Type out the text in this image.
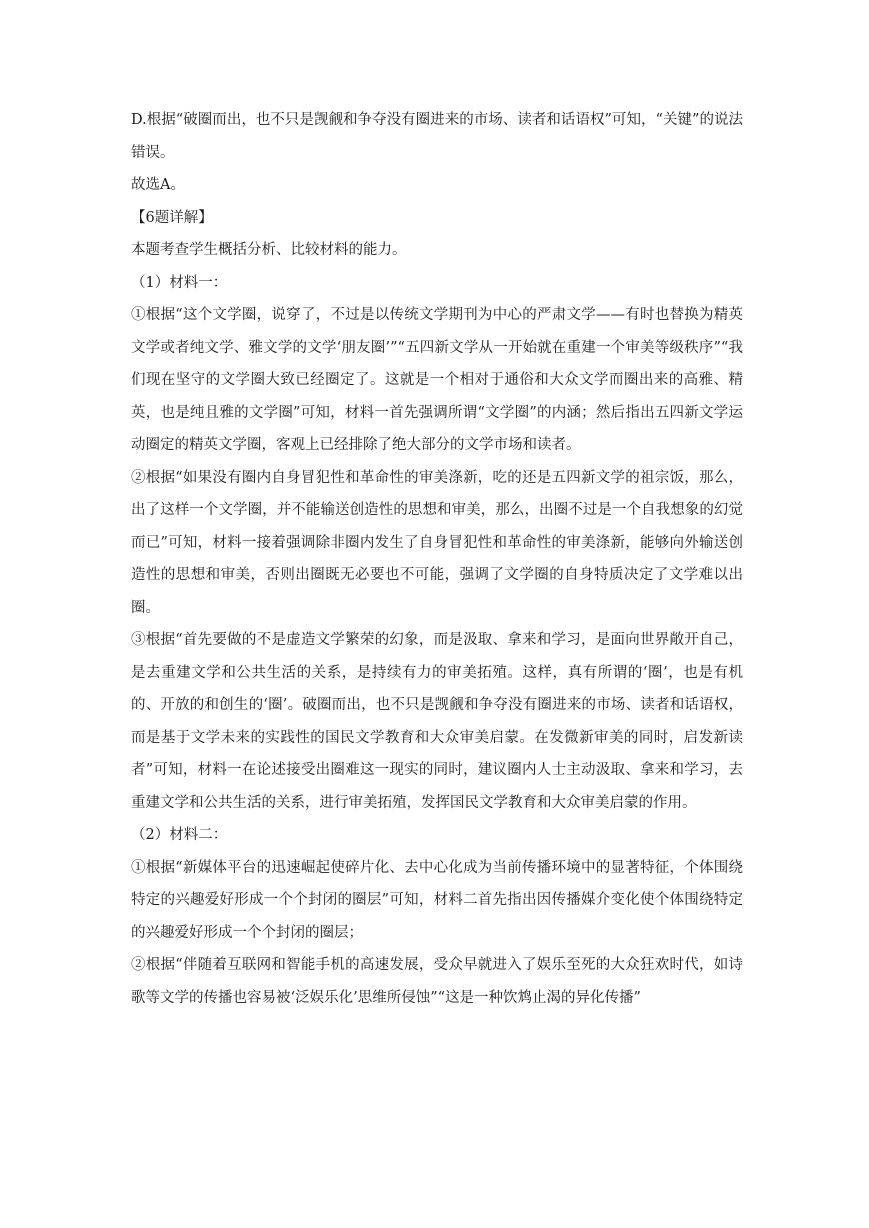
D.根据“破圈而出，也不只是觊觎和争夺没有圈进来的市场、读者和话语权”可知，“关键”的说法错误。

故选A。

【6题详解】

本题考查学生概括分析、比较材料的能力。

（1）材料一：

①根据“这个文学圈，说穿了，不过是以传统文学期刊为中心的严肃文学——有时也替换为精英文学或者纯文学、雅文学的文学‘朋友圈’”“五四新文学从一开始就在重建一个审美等级秩序”“我们现在坚守的文学圈大致已经圈定了。这就是一个相对于通俗和大众文学而圈出来的高雅、精英，也是纯且雅的文学圈”可知，材料一首先强调所谓“文学圈”的内涵；然后指出五四新文学运动圈定的精英文学圈，客观上已经排除了绝大部分的文学市场和读者。

②根据“如果没有圈内自身冒犯性和革命性的审美涤新，吃的还是五四新文学的祖宗饭，那么，出了这样一个文学圈，并不能输送创造性的思想和审美，那么，出圈不过是一个自我想象的幻觉而已”可知，材料一接着强调除非圈内发生了自身冒犯性和革命性的审美涤新，能够向外输送创造性的思想和审美，否则出圈既无必要也不可能，强调了文学圈的自身特质决定了文学难以出圈。

③根据“首先要做的不是虚造文学繁荣的幻象，而是汲取、拿来和学习，是面向世界敞开自己，是去重建文学和公共生活的关系，是持续有力的审美拓殖。这样，真有所谓的‘圈’，也是有机的、开放的和创生的‘圈’。破圈而出，也不只是觊觎和争夺没有圈进来的市场、读者和话语权，而是基于文学未来的实践性的国民文学教育和大众审美启蒙。在发微新审美的同时，启发新读者”可知，材料一在论述接受出圈难这一现实的同时，建议圈内人士主动汲取、拿来和学习，去重建文学和公共生活的关系，进行审美拓殖，发挥国民文学教育和大众审美启蒙的作用。

（2）材料二：

①根据“新媒体平台的迅速崛起使碎片化、去中心化成为当前传播环境中的显著特征，个体围绕特定的兴趣爱好形成一个个封闭的圈层”可知，材料二首先指出因传播媒介变化使个体围绕特定的兴趣爱好形成一个个封闭的圈层；

②根据“伴随着互联网和智能手机的高速发展，受众早就进入了娱乐至死的大众狂欢时代，如诗歌等文学的传播也容易被‘泛娱乐化’思维所侵蚀”“这是一种饮鸩止渴的异化传播”
